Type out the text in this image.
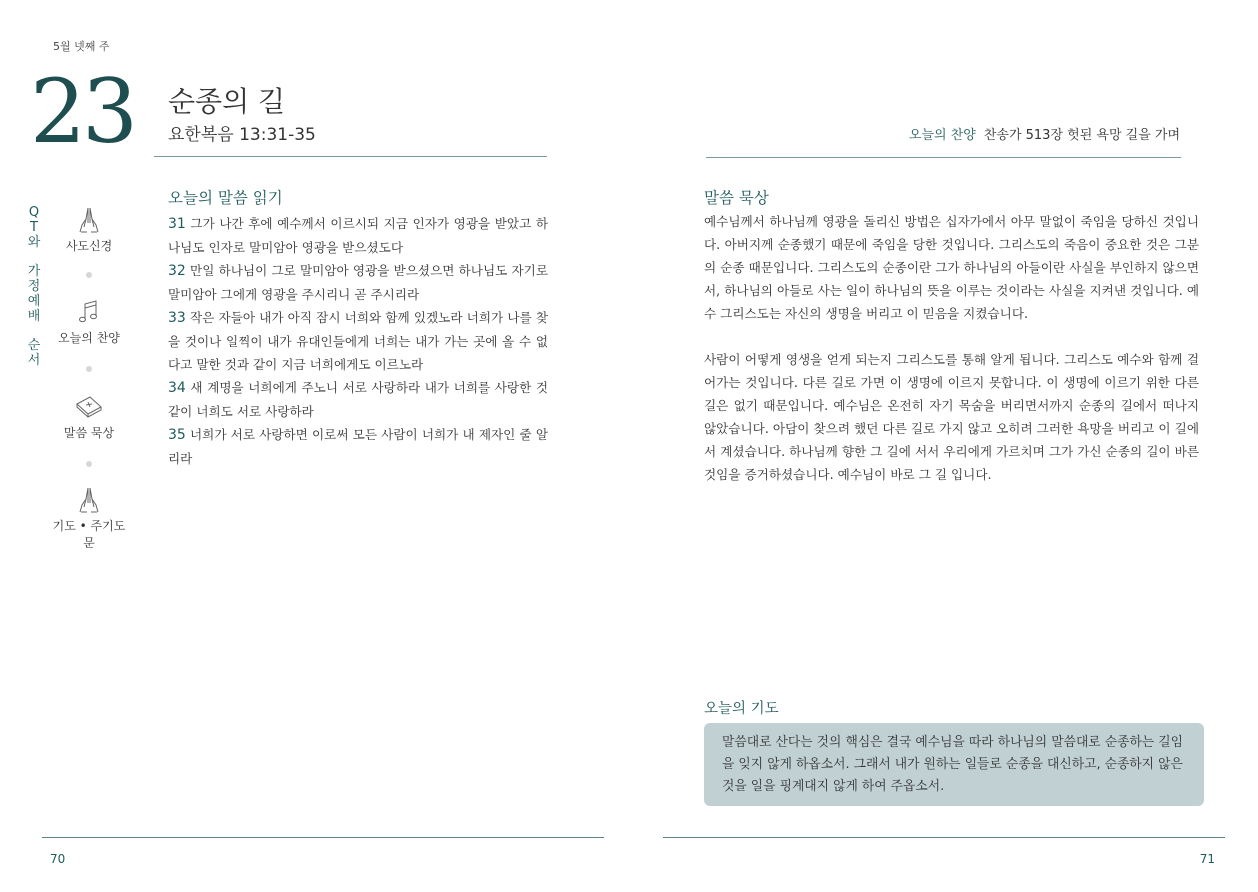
5월 넷째 주
23 순종의 길
요한복음 13:31-35
Q
T
와
가
정
예
배
순
서
사도신경
오늘의 찬양
말씀 묵상
기도 • 주기도문
오늘의 말씀 읽기
31 그가 나간 후에 예수께서 이르시되 지금 인자가 영광을 받았고 하나님도 인자로 말미암아 영광을 받으셨도다
32 만일 하나님이 그로 말미암아 영광을 받으셨으면 하나님도 자기로 말미암아 그에게 영광을 주시리니 곧 주시리라
33 작은 자들아 내가 아직 잠시 너희와 함께 있겠노라 너희가 나를 찾을 것이나 일찍이 내가 유대인들에게 너희는 내가 가는 곳에 올 수 없다고 말한 것과 같이 지금 너희에게도 이르노라
34 새 계명을 너희에게 주노니 서로 사랑하라 내가 너희를 사랑한 것 같이 너희도 서로 사랑하라
35 너희가 서로 사랑하면 이로써 모든 사람이 너희가 내 제자인 줄 알리라
70
오늘의 찬양 찬송가 513장 헛된 욕망 길을 가며
말씀 묵상

예수님께서 하나님께 영광을 돌리신 방법은 십자가에서 아무 말없이 죽임을 당하신 것입니다. 아버지께 순종했기 때문에 죽임을 당한 것입니다. 그리스도의 죽음이 중요한 것은 그분의 순종 때문입니다. 그리스도의 순종이란 그가 하나님의 아들이란 사실을 부인하지 않으면서, 하나님의 아들로 사는 일이 하나님의 뜻을 이루는 것이라는 사실을 지켜낸 것입니다. 예수 그리스도는 자신의 생명을 버리고 이 믿음을 지켰습니다.

사람이 어떻게 영생을 얻게 되는지 그리스도를 통해 알게 됩니다. 그리스도 예수와 함께 걸어가는 것입니다. 다른 길로 가면 이 생명에 이르지 못합니다. 이 생명에 이르기 위한 다른 길은 없기 때문입니다. 예수님은 온전히 자기 목숨을 버리면서까지 순종의 길에서 떠나지 않았습니다. 아담이 찾으려 했던 다른 길로 가지 않고 오히려 그러한 욕망을 버리고 이 길에 서 계셨습니다. 하나님께 향한 그 길에 서서 우리에게 가르치며 그가 가신 순종의 길이 바른 것임을 증거하셨습니다. 예수님이 바로 그 길 입니다.

오늘의 기도
말씀대로 산다는 것의 핵심은 결국 예수님을 따라 하나님의 말씀대로 순종하는 길임을 잊지 않게 하옵소서. 그래서 내가 원하는 일들로 순종을 대신하고, 순종하지 않은 것을 일을 핑계대지 않게 하여 주옵소서.
71
